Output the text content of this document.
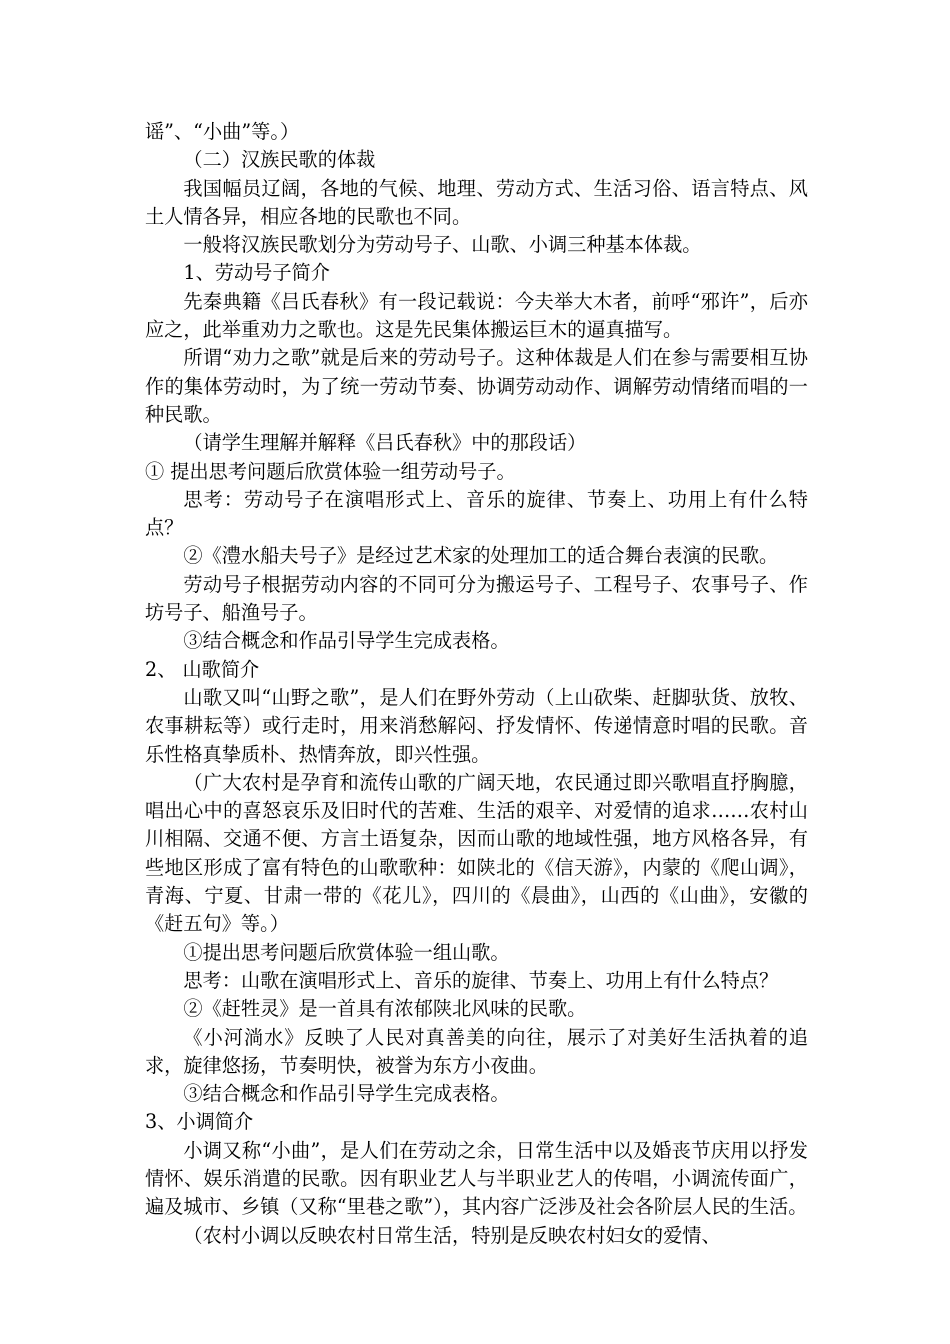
谣”、“小曲”等。）

（二）汉族民歌的体裁

我国幅员辽阔，各地的气候、地理、劳动方式、生活习俗、语言特点、风土人情各异，相应各地的民歌也不同。

一般将汉族民歌划分为劳动号子、山歌、小调三种基本体裁。

1、劳动号子简介

先秦典籍《吕氏春秋》有一段记载说：今夫举大木者，前呼“邪许”，后亦应之，此举重劝力之歌也。这是先民集体搬运巨木的逼真描写。

所谓“劝力之歌”就是后来的劳动号子。这种体裁是人们在参与需要相互协作的集体劳动时，为了统一劳动节奏、协调劳动动作、调解劳动情绪而唱的一种民歌。

（请学生理解并解释《吕氏春秋》中的那段话）

① 提出思考问题后欣赏体验一组劳动号子。

思考：劳动号子在演唱形式上、音乐的旋律、节奏上、功用上有什么特点？

②《澧水船夫号子》是经过艺术家的处理加工的适合舞台表演的民歌。

劳动号子根据劳动内容的不同可分为搬运号子、工程号子、农事号子、作坊号子、船渔号子。

③结合概念和作品引导学生完成表格。

2、 山歌简介

山歌又叫“山野之歌”，是人们在野外劳动（上山砍柴、赶脚驮货、放牧、农事耕耘等）或行走时，用来消愁解闷、抒发情怀、传递情意时唱的民歌。音乐性格真挚质朴、热情奔放，即兴性强。

（广大农村是孕育和流传山歌的广阔天地，农民通过即兴歌唱直抒胸臆，唱出心中的喜怒哀乐及旧时代的苦难、生活的艰辛、对爱情的追求……农村山川相隔、交通不便、方言土语复杂，因而山歌的地域性强，地方风格各异，有些地区形成了富有特色的山歌歌种：如陕北的《信天游》，内蒙的《爬山调》，青海、宁夏、甘肃一带的《花儿》，四川的《晨曲》，山西的《山曲》，安徽的《赶五句》等。）

①提出思考问题后欣赏体验一组山歌。

思考：山歌在演唱形式上、音乐的旋律、节奏上、功用上有什么特点？

②《赶牲灵》是一首具有浓郁陕北风味的民歌。

《小河淌水》反映了人民对真善美的向往，展示了对美好生活执着的追求，旋律悠扬，节奏明快，被誉为东方小夜曲。

③结合概念和作品引导学生完成表格。

3、小调简介

小调又称“小曲”，是人们在劳动之余，日常生活中以及婚丧节庆用以抒发情怀、娱乐消遣的民歌。因有职业艺人与半职业艺人的传唱，小调流传面广，遍及城市、乡镇（又称“里巷之歌”），其内容广泛涉及社会各阶层人民的生活。

（农村小调以反映农村日常生活，特别是反映农村妇女的爱情、
